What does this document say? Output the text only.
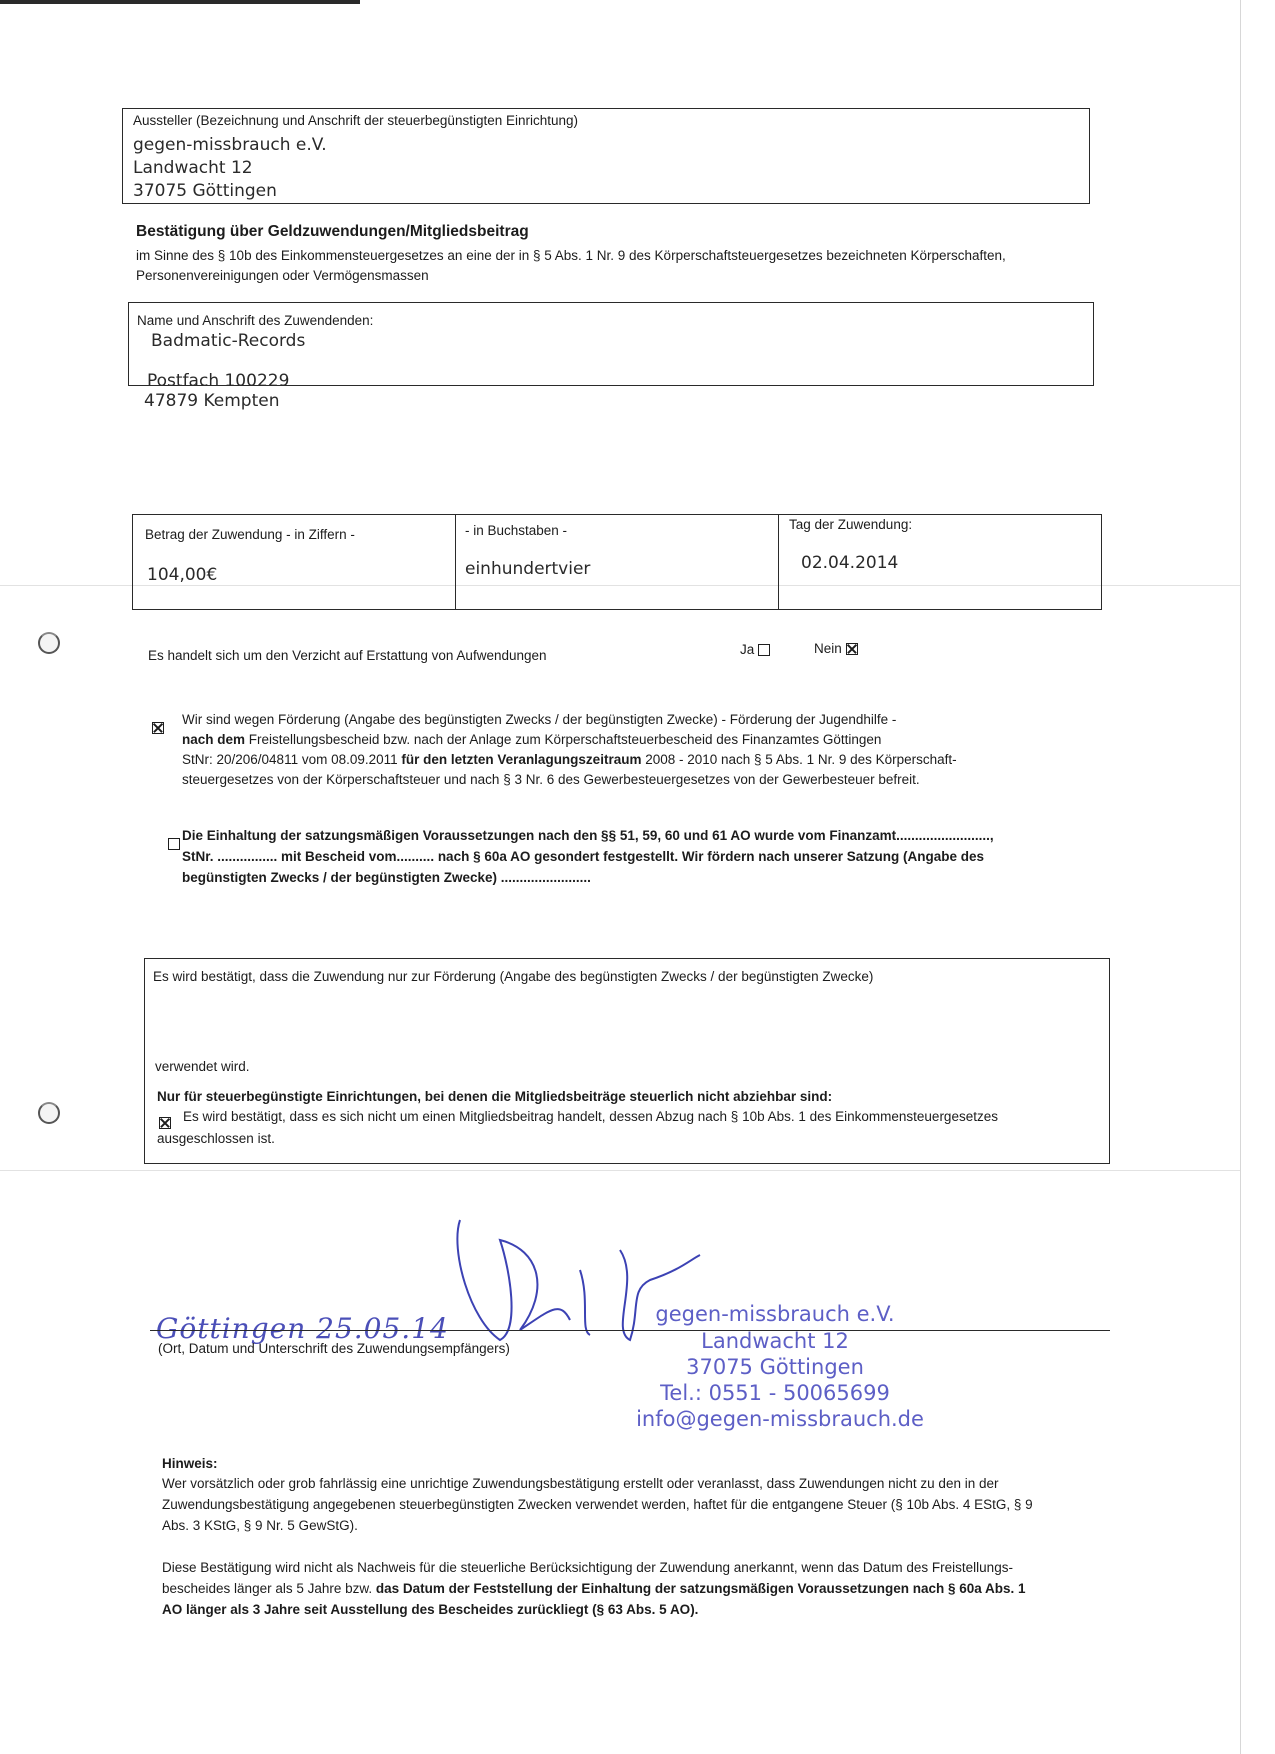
Aussteller (Bezeichnung und Anschrift der steuerbegünstigten Einrichtung)
gegen-missbrauch e.V.
Landwacht 12
37075 Göttingen
Bestätigung über Geldzuwendungen/Mitgliedsbeitrag
im Sinne des § 10b des Einkommensteuergesetzes an eine der in § 5 Abs. 1 Nr. 9 des Körperschaftsteuergesetzes bezeichneten Körperschaften,
Personenvereinigungen oder Vermögensmassen
Name und Anschrift des Zuwendenden:
Badmatic-Records
Postfach 100229
47879 Kempten
Betrag der Zuwendung - in Ziffern -
104,00€
- in Buchstaben -
einhundertvier
Tag der Zuwendung:
02.04.2014
Es handelt sich um den Verzicht auf Erstattung von Aufwendungen	Ja	Nein

Wir sind wegen Förderung (Angabe des begünstigten Zwecks / der begünstigten Zwecke) - Förderung der Jugendhilfe -
nach dem Freistellungsbescheid bzw. nach der Anlage zum Körperschaftsteuerbescheid des Finanzamtes Göttingen
StNr: 20/206/04811 vom 08.09.2011 für den letzten Veranlagungszeitraum 2008 - 2010 nach § 5 Abs. 1 Nr. 9 des Körperschaft-
steuergesetzes von der Körperschaftsteuer und nach § 3 Nr. 6 des Gewerbesteuergesetzes von der Gewerbesteuer befreit.
Die Einhaltung der satzungsmäßigen Voraussetzungen nach den §§ 51, 59, 60 und 61 AO wurde vom Finanzamt.........................,
StNr. ................ mit Bescheid vom.......... nach § 60a AO gesondert festgestellt. Wir fördern nach unserer Satzung (Angabe des
begünstigten Zwecks / der begünstigten Zwecke) ........................
Es wird bestätigt, dass die Zuwendung nur zur Förderung (Angabe des begünstigten Zwecks / der begünstigten Zwecke)
verwendet wird.
Nur für steuerbegünstigte Einrichtungen, bei denen die Mitgliedsbeiträge steuerlich nicht abziehbar sind:
Es wird bestätigt, dass es sich nicht um einen Mitgliedsbeitrag handelt, dessen Abzug nach § 10b Abs. 1 des Einkommensteuergesetzes
ausgeschlossen ist.
Göttingen 25.05.14
(Ort, Datum und Unterschrift des Zuwendungsempfängers)
gegen-missbrauch e.V.
Landwacht 12
37075 Göttingen
Tel.: 0551 - 50065699
info@gegen-missbrauch.de
Hinweis:
Wer vorsätzlich oder grob fahrlässig eine unrichtige Zuwendungsbestätigung erstellt oder veranlasst, dass Zuwendungen nicht zu den in der
Zuwendungsbestätigung angegebenen steuerbegünstigten Zwecken verwendet werden, haftet für die entgangene Steuer (§ 10b Abs. 4 EStG, § 9
Abs. 3 KStG, § 9 Nr. 5 GewStG).
Diese Bestätigung wird nicht als Nachweis für die steuerliche Berücksichtigung der Zuwendung anerkannt, wenn das Datum des Freistellungs-
bescheides länger als 5 Jahre bzw. das Datum der Feststellung der Einhaltung der satzungsmäßigen Voraussetzungen nach § 60a Abs. 1
AO länger als 3 Jahre seit Ausstellung des Bescheides zurückliegt (§ 63 Abs. 5 AO).
